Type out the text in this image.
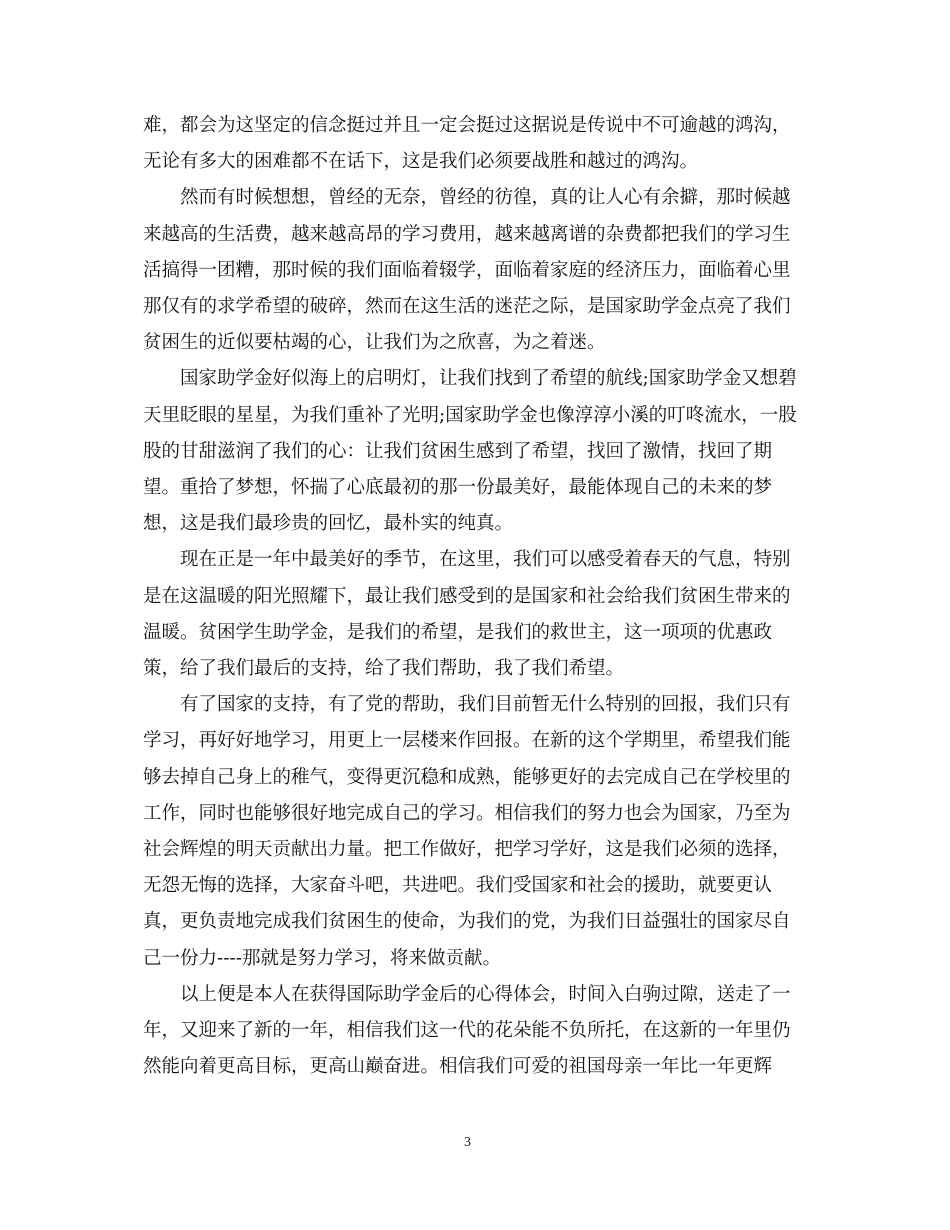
难，都会为这坚定的信念挺过并且一定会挺过这据说是传说中不可逾越的鸿沟，
无论有多大的困难都不在话下，这是我们必须要战胜和越过的鸿沟。
然而有时候想想，曾经的无奈，曾经的彷徨，真的让人心有余擗，那时候越
来越高的生活费，越来越高昂的学习费用，越来越离谱的杂费都把我们的学习生
活搞得一团糟，那时候的我们面临着辍学，面临着家庭的经济压力，面临着心里
那仅有的求学希望的破碎，然而在这生活的迷茫之际，是国家助学金点亮了我们
贫困生的近似要枯竭的心，让我们为之欣喜，为之着迷。
国家助学金好似海上的启明灯，让我们找到了希望的航线;国家助学金又想碧
天里眨眼的星星，为我们重补了光明;国家助学金也像淳淳小溪的叮咚流水，一股
股的甘甜滋润了我们的心：让我们贫困生感到了希望，找回了激情，找回了期
望。重拾了梦想，怀揣了心底最初的那一份最美好，最能体现自己的未来的梦
想，这是我们最珍贵的回忆，最朴实的纯真。
现在正是一年中最美好的季节，在这里，我们可以感受着春天的气息，特别
是在这温暖的阳光照耀下，最让我们感受到的是国家和社会给我们贫困生带来的
温暖。贫困学生助学金，是我们的希望，是我们的救世主，这一项项的优惠政
策，给了我们最后的支持，给了我们帮助，我了我们希望。
有了国家的支持，有了党的帮助，我们目前暂无什么特别的回报，我们只有
学习，再好好地学习，用更上一层楼来作回报。在新的这个学期里，希望我们能
够去掉自己身上的稚气，变得更沉稳和成熟，能够更好的去完成自己在学校里的
工作，同时也能够很好地完成自己的学习。相信我们的努力也会为国家，乃至为
社会辉煌的明天贡献出力量。把工作做好，把学习学好，这是我们必须的选择，
无怨无悔的选择，大家奋斗吧，共进吧。我们受国家和社会的援助，就要更认
真，更负责地完成我们贫困生的使命，为我们的党，为我们日益强壮的国家尽自
己一份力----那就是努力学习，将来做贡献。
以上便是本人在获得国际助学金后的心得体会，时间入白驹过隙，送走了一
年，又迎来了新的一年，相信我们这一代的花朵能不负所托，在这新的一年里仍
然能向着更高目标，更高山巅奋进。相信我们可爱的祖国母亲一年比一年更辉
3
